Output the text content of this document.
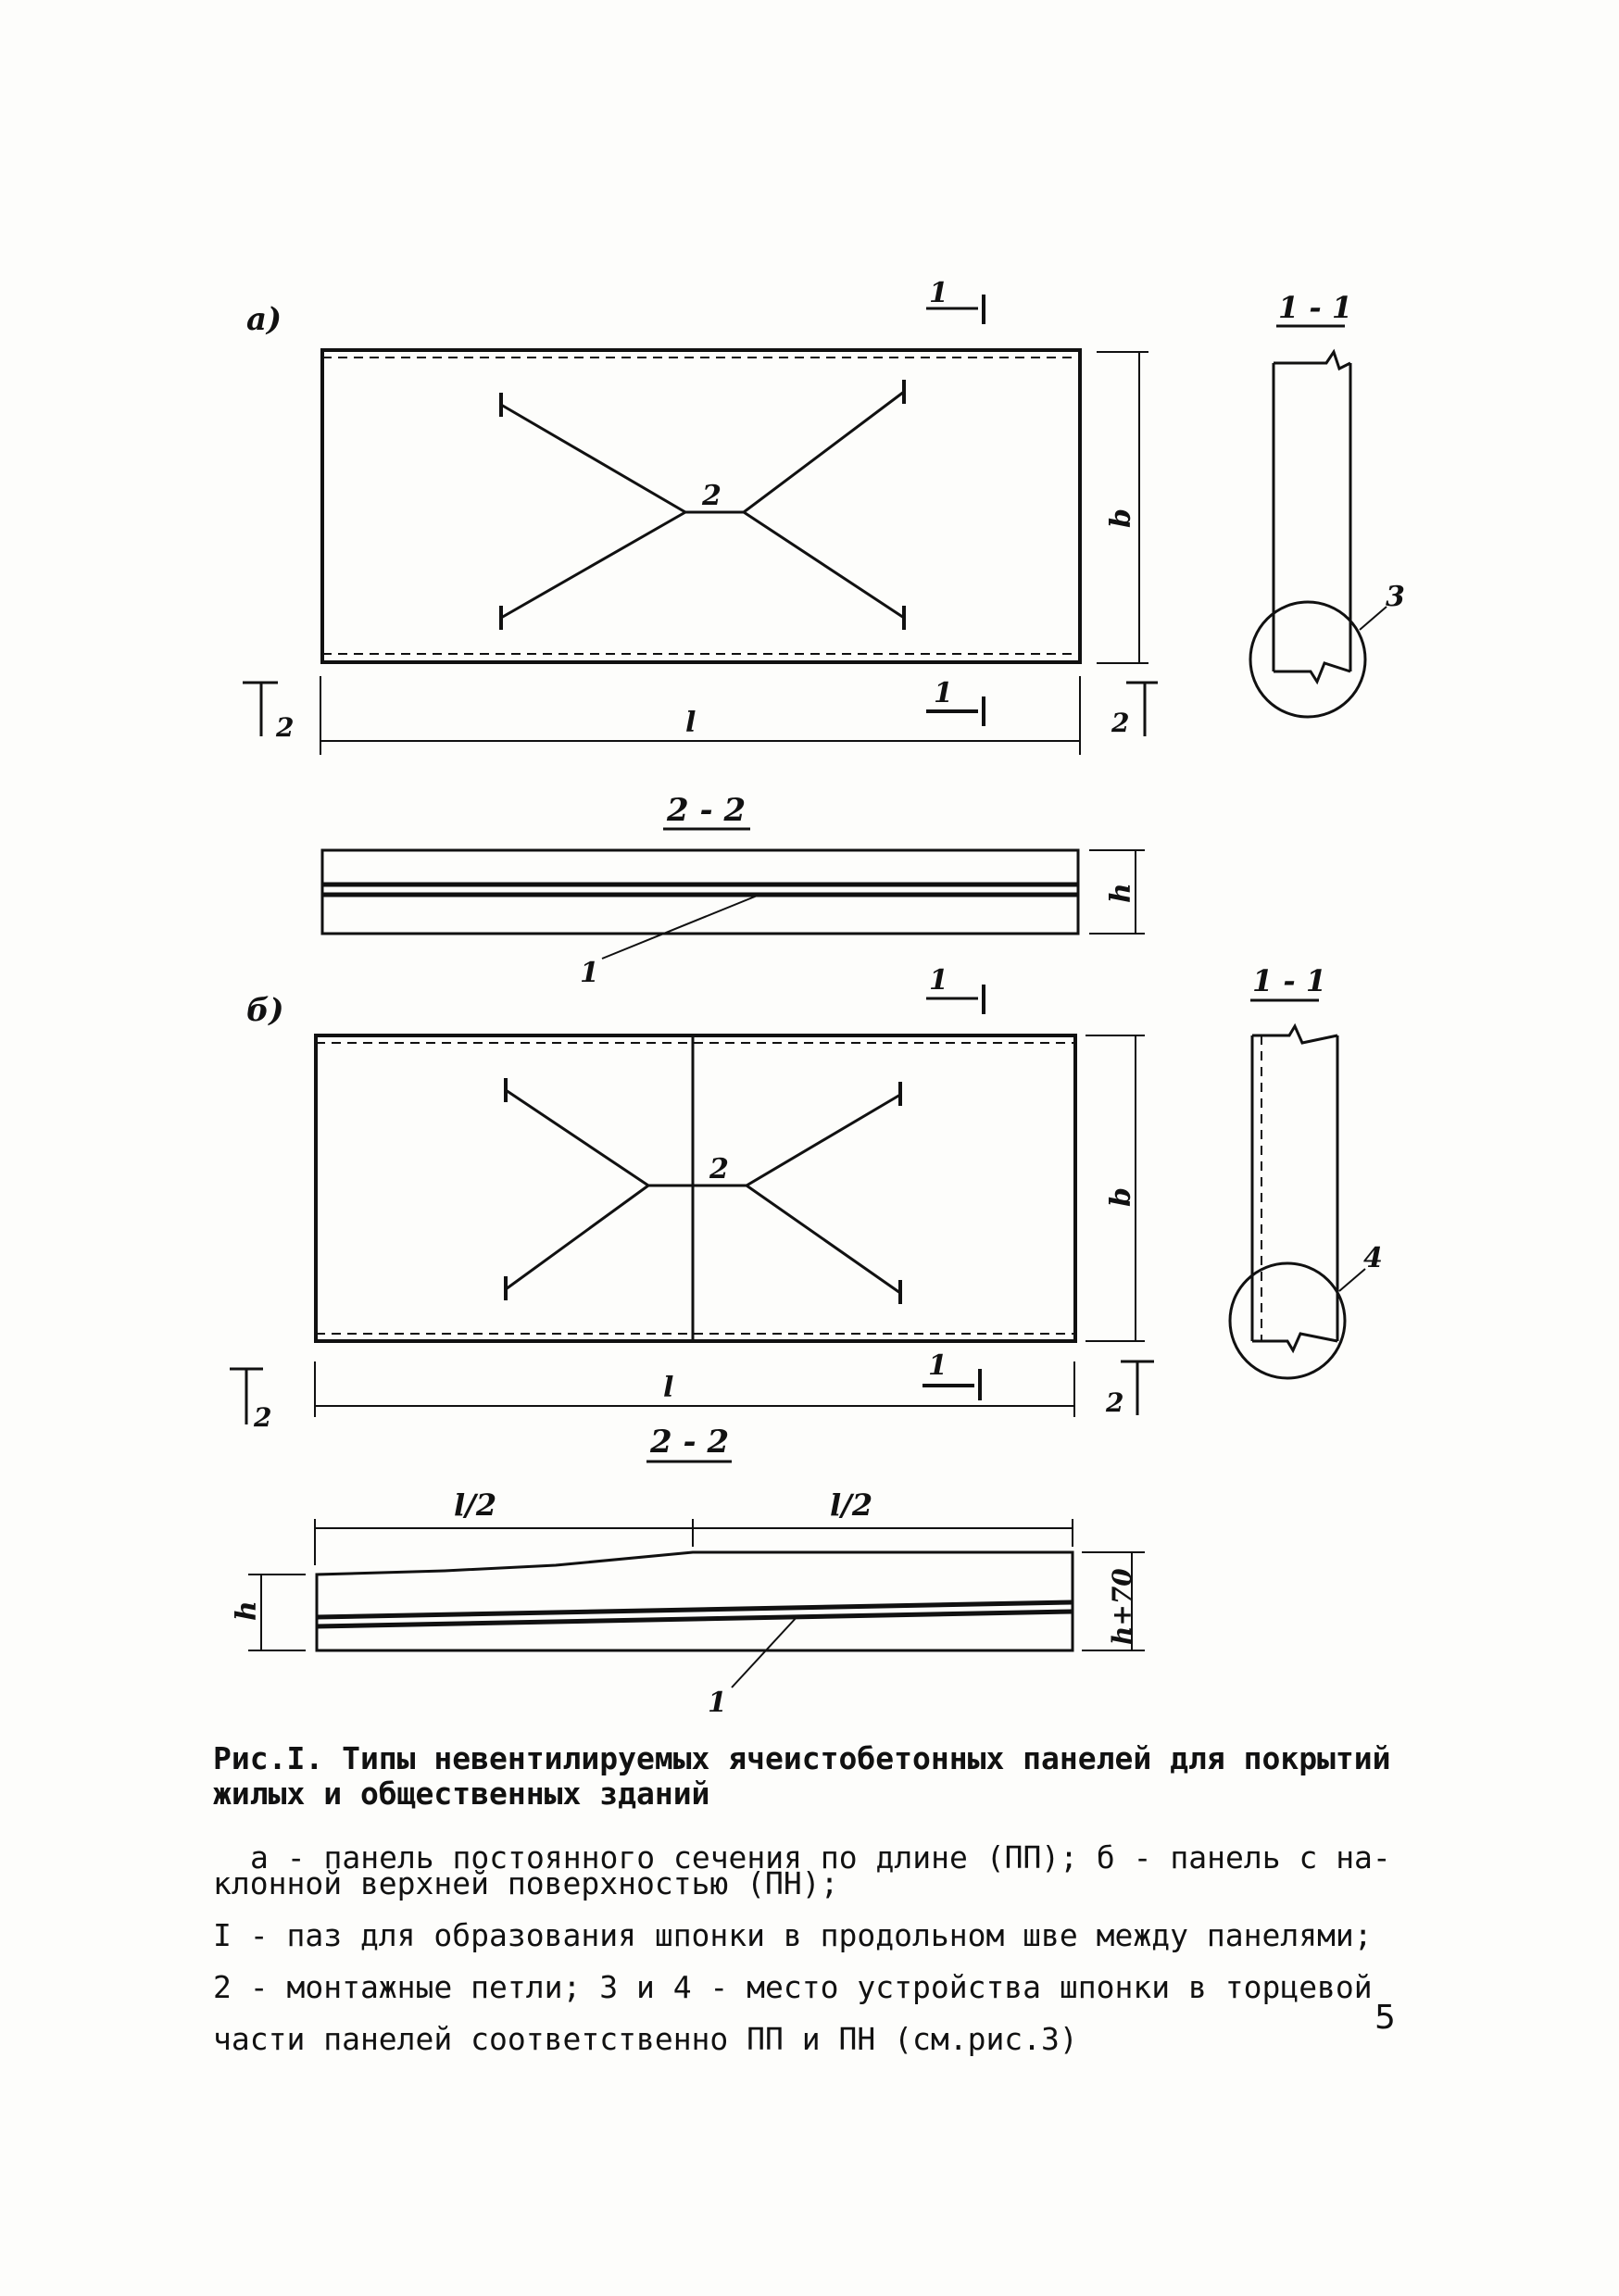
а)
1
2
b
2	2
l
1
1 - 1
3
2 - 2
h
1
б)
1
2
b
2	2
l
1
1 - 1
4
2 - 2
l/2	l/2
h	h+70
1
Рис.I. Типы невентилируемых ячеистобетонных панелей для покрытий
жилых и общественных зданий

а - панель постоянного сечения по длине (ПП); б - панель с на-

клонной верхней поверхностью (ПН);

I - паз для образования шпонки в продольном шве между панелями;

2 - монтажные петли; 3 и 4 - место устройства шпонки в торцевой

части панелей соответственно ПП и ПН (см.рис.3)

5
